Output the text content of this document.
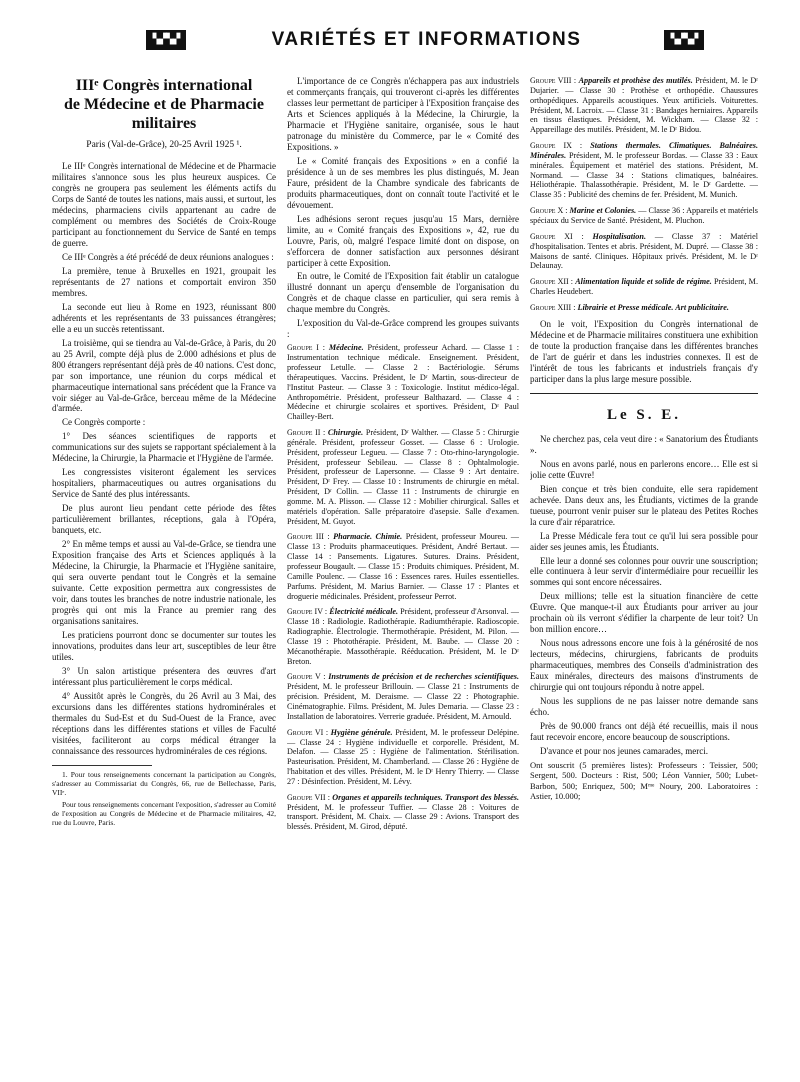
▚▞▚▞	VARIÉTÉS ET INFORMATIONS	▚▞▚▞
IIIᵉ Congrès international
de Médecine et de Pharmacie
militaires
Paris (Val-de-Grâce), 20-25 Avril 1925 ¹.

Le IIIᵉ Congrès international de Médecine et de Pharmacie militaires s'annonce sous les plus heureux auspices. Ce congrès ne groupera pas seulement les éléments actifs du Corps de Santé de toutes les nations, mais aussi, et surtout, les médecins, pharmaciens civils appartenant au cadre de complément ou membres des Sociétés de Croix-Rouge participant au fonctionnement du Service de Santé en temps de guerre.

Ce IIIᵉ Congrès a été précédé de deux réunions analogues :

La première, tenue à Bruxelles en 1921, groupait les représentants de 27 nations et comportait environ 350 membres.

La seconde eut lieu à Rome en 1923, réunissant 800 adhérents et les représentants de 33 puissances étrangères; elle a eu un succès retentissant.

La troisième, qui se tiendra au Val-de-Grâce, à Paris, du 20 au 25 Avril, compte déjà plus de 2.000 adhésions et plus de 800 étrangers représentant déjà près de 40 nations. C'est donc, par son importance, une réunion du corps médical et pharmaceutique international sans précédent que la France va voir siéger au Val-de-Grâce, berceau même de la Médecine d'armée.

Ce Congrès comporte :

1° Des séances scientifiques de rapports et communications sur des sujets se rapportant spécialement à la Médecine, la Chirurgie, la Pharmacie et l'Hygiène de l'armée.

Les congressistes visiteront également les services hospitaliers, pharmaceutiques ou autres organisations du Service de Santé des plus intéressants.

De plus auront lieu pendant cette période des fêtes particulièrement brillantes, réceptions, gala à l'Opéra, banquets, etc.

2° En même temps et aussi au Val-de-Grâce, se tiendra une Exposition française des Arts et Sciences appliqués à la Médecine, la Chirurgie, la Pharmacie et l'Hygiène sanitaire, qui sera ouverte pendant tout le Congrès et la semaine suivante. Cette exposition permettra aux congressistes de voir, dans toutes les branches de notre industrie nationale, les progrès qui ont mis la France au premier rang des organisations sanitaires.

Les praticiens pourront donc se documenter sur toutes les innovations, produites dans leur art, susceptibles de leur être utiles.

3° Un salon artistique présentera des œuvres d'art intéressant plus particulièrement le corps médical.

4° Aussitôt après le Congrès, du 26 Avril au 3 Mai, des excursions dans les différentes stations hydrominérales et thermales du Sud-Est et du Sud-Ouest de la France, avec réceptions dans les différentes stations et villes de Faculté visitées, faciliteront au corps médical étranger la connaissance des ressources hydrominérales de ces régions.

1. Pour tous renseignements concernant la participation au Congrès, s'adresser au Commissariat du Congrès, 66, rue de Bellechasse, Paris, VIIᵉ.

Pour tous renseignements concernant l'exposition, s'adresser au Comité de l'exposition au Congrès de Médecine et de Pharmacie militaires, 42, rue du Louvre, Paris.

L'importance de ce Congrès n'échappera pas aux industriels et commerçants français, qui trouveront ci-après les différentes classes leur permettant de participer à l'Exposition française des Arts et Sciences appliqués à la Médecine, la Chirurgie, la Pharmacie et l'Hygiène sanitaire, organisée, sous le haut patronage du ministère du Commerce, par le « Comité des Expositions. »

Le « Comité français des Expositions » en a confié la présidence à un de ses membres les plus distingués, M. Jean Faure, président de la Chambre syndicale des fabricants de produits pharmaceutiques, dont on connaît toute l'activité et le dévouement.

Les adhésions seront reçues jusqu'au 15 Mars, dernière limite, au « Comité français des Expositions », 42, rue du Louvre, Paris, où, malgré l'espace limité dont on dispose, on s'efforcera de donner satisfaction aux personnes désirant participer à cette Exposition.

En outre, le Comité de l'Exposition fait établir un catalogue illustré donnant un aperçu d'ensemble de l'organisation du Congrès et de chaque classe en particulier, qui sera remis à chaque membre du Congrès.

L'exposition du Val-de-Grâce comprend les groupes suivants :

Groupe I : Médecine. Président, professeur Achard. — Classe 1 : Instrumentation technique médicale. Enseignement. Président, professeur Letulle. — Classe 2 : Bactériologie. Sérums thérapeutiques. Vaccins. Président, le Dʳ Martin, sous-directeur de l'Institut Pasteur. — Classe 3 : Toxicologie. Institut médico-légal. Anthropométrie. Président, professeur Balthazard. — Classe 4 : Médecine et chirurgie scolaires et sportives. Président, Dʳ Paul Chailley-Bert.

Groupe II : Chirurgie. Président, Dʳ Walther. — Classe 5 : Chirurgie générale. Président, professeur Gosset. — Classe 6 : Urologie. Président, professeur Legueu. — Classe 7 : Oto-rhino-laryngologie. Président, professeur Sebileau. — Classe 8 : Ophtalmologie. Président, professeur de Lapersonne. — Classe 9 : Art dentaire. Président, Dʳ Frey. — Classe 10 : Instruments de chirurgie en métal. Président, Dʳ Collin. — Classe 11 : Instruments de chirurgie en gomme. M. A. Plisson. — Classe 12 : Mobilier chirurgical. Salles et matériels d'opération. Salle préparatoire d'asepsie. Salle d'examen. Président, M. Guyot.

Groupe III : Pharmacie. Chimie. Président, professeur Moureu. — Classe 13 : Produits pharmaceutiques. Président, André Bertaut. — Classe 14 : Pansements. Ligatures. Sutures. Drains. Président, professeur Bougault. — Classe 15 : Produits chimiques. Président, M. Camille Poulenc. — Classe 16 : Essences rares. Huiles essentielles. Parfums. Président, M. Marius Barnier. — Classe 17 : Plantes et droguerie médicinales. Président, professeur Perrot.

Groupe IV : Électricité médicale. Président, professeur d'Arsonval. — Classe 18 : Radiologie. Radiothérapie. Radiumthérapie. Radioscopie. Radiographie. Électrologie. Thermothérapie. Président, M. Pilon. — Classe 19 : Photothérapie. Président, M. Baube. — Classe 20 : Mécanothérapie. Massothérapie. Rééducation. Président, M. le Dʳ Breton.

Groupe V : Instruments de précision et de recherches scientifiques. Président, M. le professeur Brillouin. — Classe 21 : Instruments de précision. Président, M. Deraisme. — Classe 22 : Photographie. Cinématographie. Films. Président, M. Jules Demaria. — Classe 23 : Installation de laboratoires. Verrerie graduée. Président, M. Arnould.

Groupe VI : Hygiène générale. Président, M. le professeur Delépine. — Classe 24 : Hygiène individuelle et corporelle. Président, M. Delafon. — Classe 25 : Hygiène de l'alimentation. Stérilisation. Pasteurisation. Président, M. Chamberland. — Classe 26 : Hygiène de l'habitation et des villes. Président, M. le Dʳ Henry Thierry. — Classe 27 : Désinfection. Président, M. Lévy.

Groupe VII : Organes et appareils techniques. Transport des blessés. Président, M. le professeur Tuffier. — Classe 28 : Voitures de transport. Président, M. Chaix. — Classe 29 : Avions. Transport des blessés. Président, M. Girod, député.

Groupe VIII : Appareils et prothèse des mutilés. Président, M. le Dʳ Dujarier. — Classe 30 : Prothèse et orthopédie. Chaussures orthopédiques. Appareils acoustiques. Yeux artificiels. Voiturettes. Président, M. Lacroix. — Classe 31 : Bandages herniaires. Appareils en tissus élastiques. Président, M. Wickham. — Classe 32 : Appareillage des mutilés. Président, M. le Dʳ Bidou.

Groupe IX : Stations thermales. Climatiques. Balnéaires. Minérales. Président, M. le professeur Bordas. — Classe 33 : Eaux minérales. Équipement et matériel des stations. Président, M. Normand. — Classe 34 : Stations climatiques, balnéaires. Héliothérapie. Thalassothérapie. Président, M. le Dʳ Gardette. — Classe 35 : Publicité des chemins de fer. Président, M. Munich.

Groupe X : Marine et Colonies. — Classe 36 : Appareils et matériels spéciaux du Service de Santé. Président, M. Pluchon.

Groupe XI : Hospitalisation. — Classe 37 : Matériel d'hospitalisation. Tentes et abris. Président, M. Dupré. — Classe 38 : Maisons de santé. Cliniques. Hôpitaux privés. Président, M. le Dʳ Delaunay.

Groupe XII : Alimentation liquide et solide de régime. Président, M. Charles Heudebert.

Groupe XIII : Librairie et Presse médicale. Art publicitaire.

On le voit, l'Exposition du Congrès international de Médecine et de Pharmacie militaires constituera une exhibition de toute la production française dans les différentes branches de l'art de guérir et dans les industries connexes. Il est de l'intérêt de tous les fabricants et industriels français d'y participer dans la plus large mesure possible.

Le S. E.

Ne cherchez pas, cela veut dire : « Sanatorium des Étudiants ».

Nous en avons parlé, nous en parlerons encore… Elle est si jolie cette Œuvre!

Bien conçue et très bien conduite, elle sera rapidement achevée. Dans deux ans, les Étudiants, victimes de la grande tueuse, pourront venir puiser sur le plateau des Petites Roches la cure d'air réparatrice.

La Presse Médicale fera tout ce qu'il lui sera possible pour aider ses jeunes amis, les Étudiants.

Elle leur a donné ses colonnes pour ouvrir une souscription; elle continuera à leur servir d'intermédiaire pour recueillir les sommes qui sont encore nécessaires.

Deux millions; telle est la situation financière de cette Œuvre. Que manque-t-il aux Étudiants pour arriver au jour prochain où ils verront s'édifier la charpente de leur toit? Un bon million encore…

Nous nous adressons encore une fois à la générosité de nos lecteurs, médecins, chirurgiens, fabricants de produits pharmaceutiques, membres des Conseils d'administration des Eaux minérales, directeurs des maisons d'instruments de chirurgie qui ont toujours répondu à notre appel.

Nous les supplions de ne pas laisser notre demande sans écho.

Près de 90.000 francs ont déjà été recueillis, mais il nous faut recevoir encore, encore beaucoup de souscriptions.

D'avance et pour nos jeunes camarades, merci.

Ont souscrit (5 premières listes): Professeurs : Teissier, 500; Sergent, 500. Docteurs : Rist, 500; Léon Vannier, 500; Lubet-Barbon, 500; Enriquez, 500; Mᵐᵉ Noury, 200. Laboratoires : Astier, 10.000;
